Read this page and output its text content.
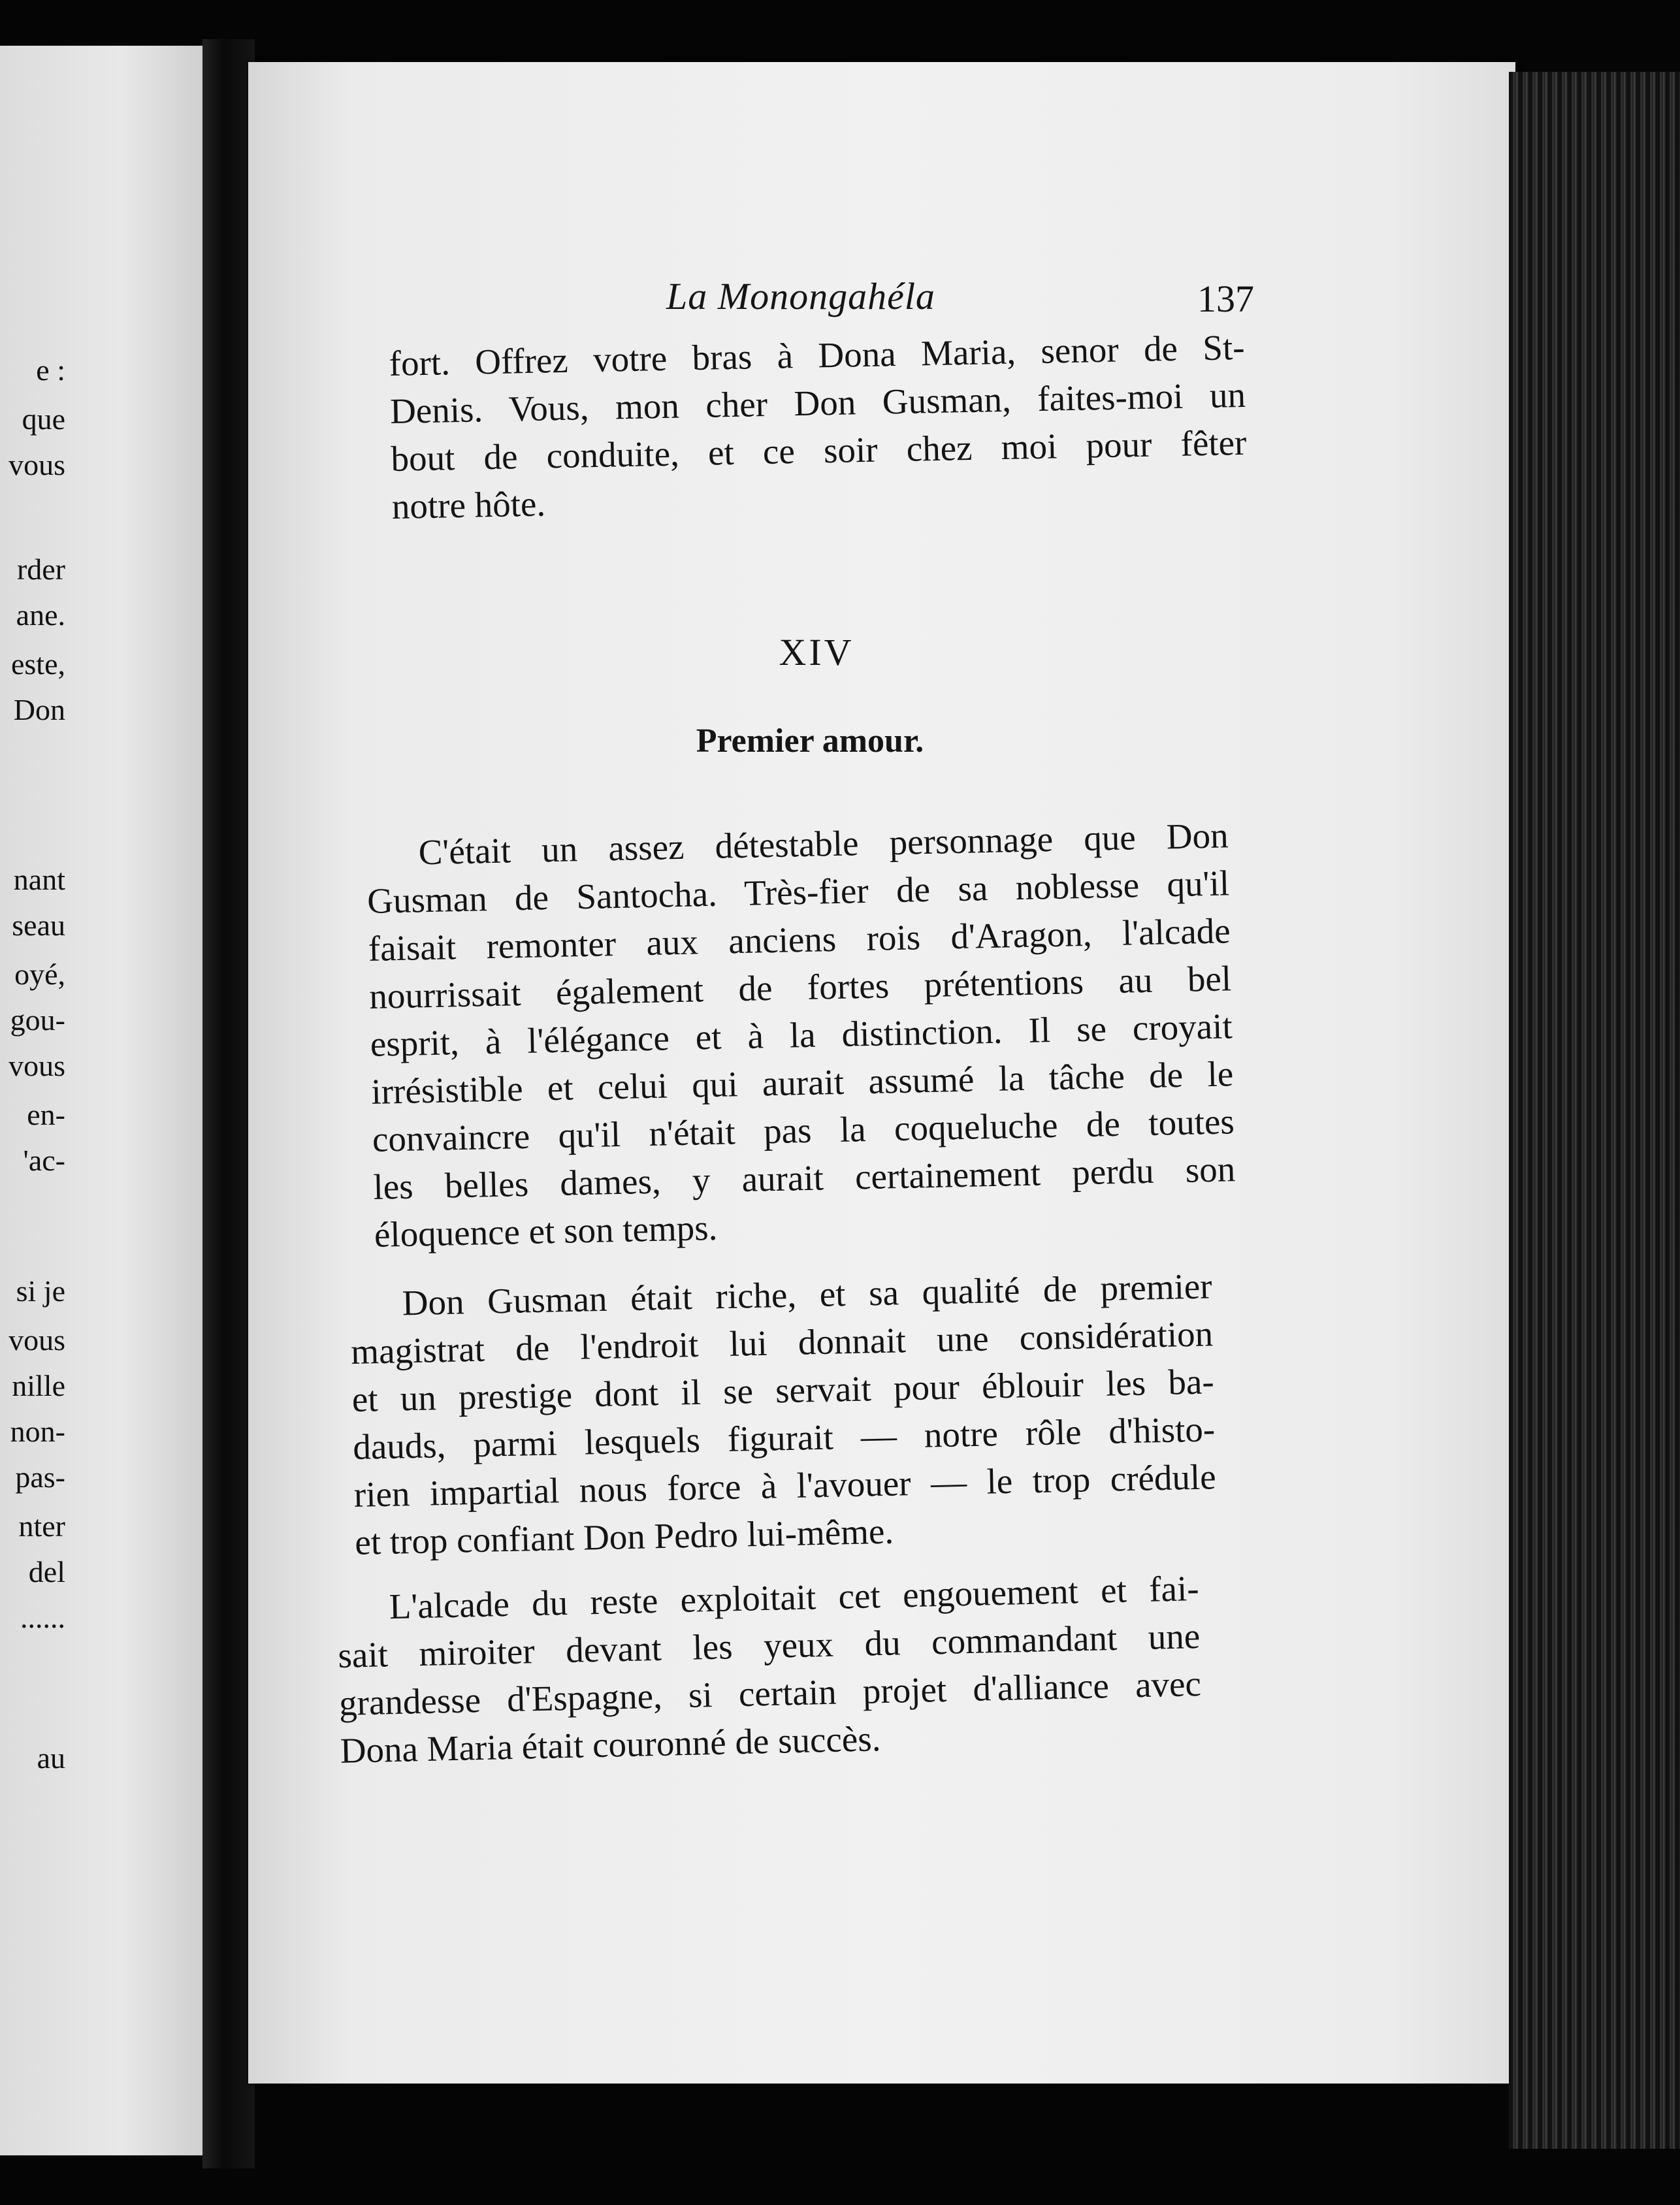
e :
que
vous
rder
ane.
este,
Don
nant
seau
oyé,
gou-
vous
en-
'ac-
si je
vous
nille
non-
pas-
nter
del
......
au
La Monongahéla	137
fort. Offrez votre bras à Dona Maria, senor de St-
Denis. Vous, mon cher Don Gusman, faites-moi un
bout de conduite, et ce soir chez moi pour fêter
notre hôte.
XIV
Premier amour.
C'était un assez détestable personnage que Don
Gusman de Santocha. Très-fier de sa noblesse qu'il
faisait remonter aux anciens rois d'Aragon, l'alcade
nourrissait également de fortes prétentions au bel
esprit, à l'élégance et à la distinction. Il se croyait
irrésistible et celui qui aurait assumé la tâche de le
convaincre qu'il n'était pas la coqueluche de toutes
les belles dames, y aurait certainement perdu son
éloquence et son temps.
Don Gusman était riche, et sa qualité de premier
magistrat de l'endroit lui donnait une considération
et un prestige dont il se servait pour éblouir les ba-
dauds, parmi lesquels figurait — notre rôle d'histo-
rien impartial nous force à l'avouer — le trop crédule
et trop confiant Don Pedro lui-même.
L'alcade du reste exploitait cet engouement et fai-
sait miroiter devant les yeux du commandant une
grandesse d'Espagne, si certain projet d'alliance avec
Dona Maria était couronné de succès.
